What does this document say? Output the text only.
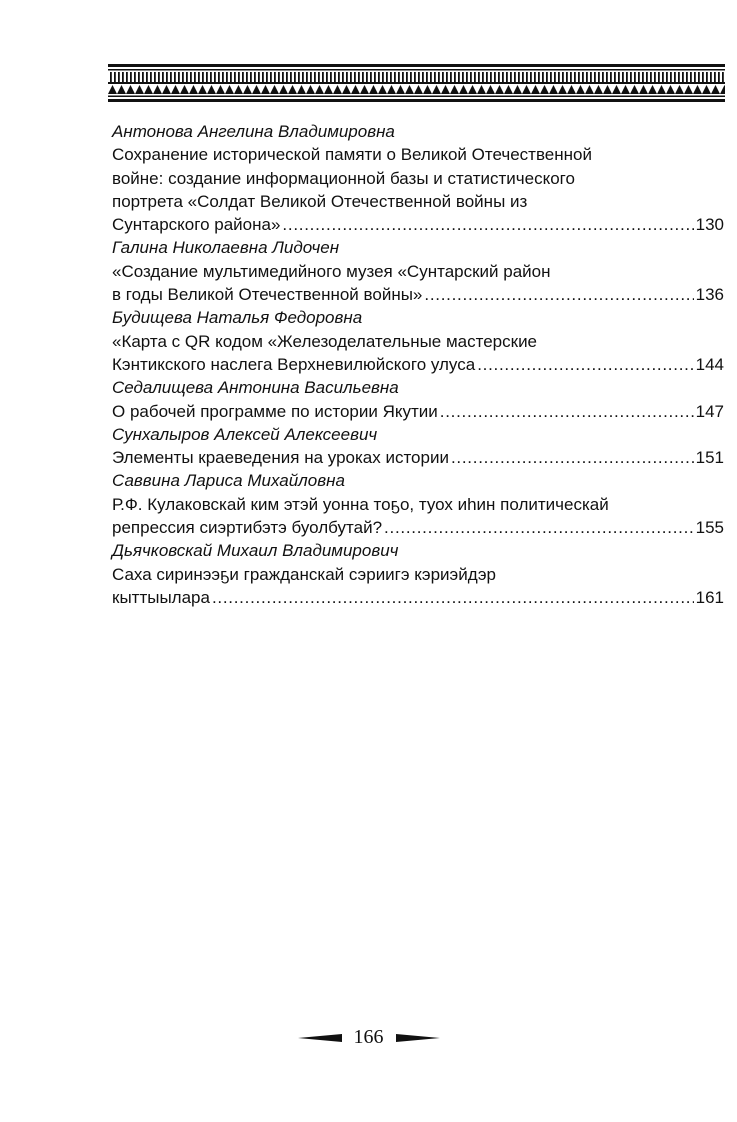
Антонова Ангелина Владимировна
Сохранение исторической памяти о Великой Отечественной
войне: создание информационной базы и статистического
портрета «Солдат Великой Отечественной войны из
Сунтарского района» . . .	130
Галина Николаевна Лидочен
«Создание мультимедийного музея «Сунтарский район
в годы Великой Отечественной войны» . . .	136
Будищева Наталья Федоровна
«Карта с QR кодом «Железоделательные мастерские
Кэнтикского наслега Верхневилюйского улуса . . .	144
Седалищева Антонина Васильевна
О рабочей программе по истории Якутии . . .	147
Сунхалыров Алексей Алексеевич
Элементы краеведения на уроках истории . . .	151
Саввина Лариса Михайловна
Р.Ф. Кулаковскай ким этэй уонна тоҕо, туох иһин политическай
репрессия сиэртибэтэ буолбутай? . . .	155
Дьячковскай Михаил Владимирович
Саха сиринээҕи гражданскай сэриигэ кэриэйдэр
кыттыылара . . .	161
166
